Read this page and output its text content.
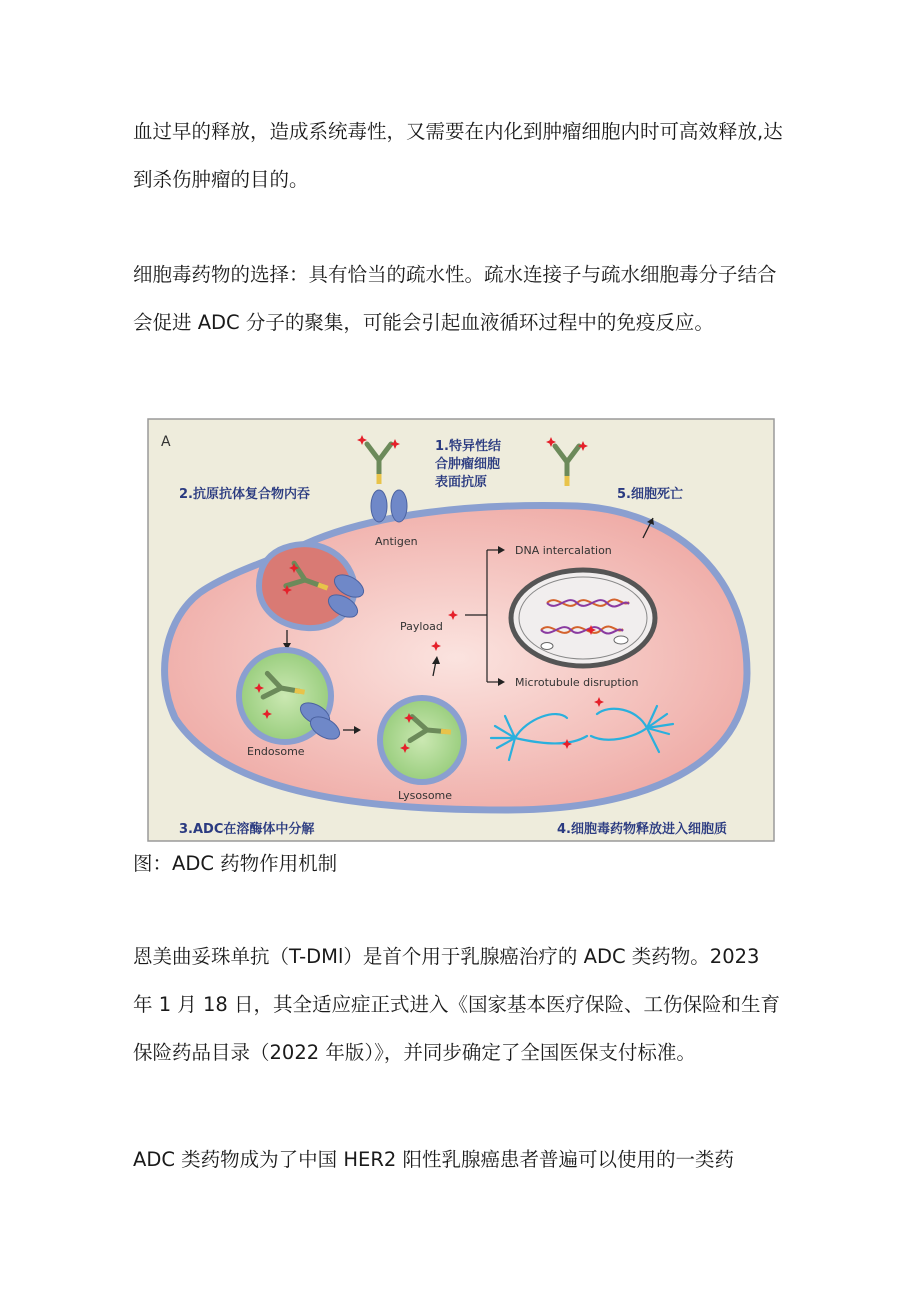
血过早的释放，造成系统毒性，又需要在内化到肿瘤细胞内时可高效释放,达
到杀伤肿瘤的目的。

细胞毒药物的选择：具有恰当的疏水性。疏水连接子与疏水细胞毒分子结合
会促进 ADC 分子的聚集，可能会引起血液循环过程中的免疫反应。

A
Antigen
1.特异性结 合肿瘤细胞 表面抗原
2.抗原抗体复合物内吞	5.细胞死亡
Endosome
Lysosome
Payload
DNA intercalation
Microtubule disruption
3.ADC在溶酶体中分解	4.细胞毒药物释放进入细胞质

图：ADC 药物作用机制

恩美曲妥珠单抗（T-DMl）是首个用于乳腺癌治疗的 ADC 类药物。2023
年 1 月 18 日，其全适应症正式进入《国家基本医疗保险、工伤保险和生育
保险药品目录（2022 年版）》，并同步确定了全国医保支付标准。

ADC 类药物成为了中国 HER2 阳性乳腺癌患者普遍可以使用的一类药
